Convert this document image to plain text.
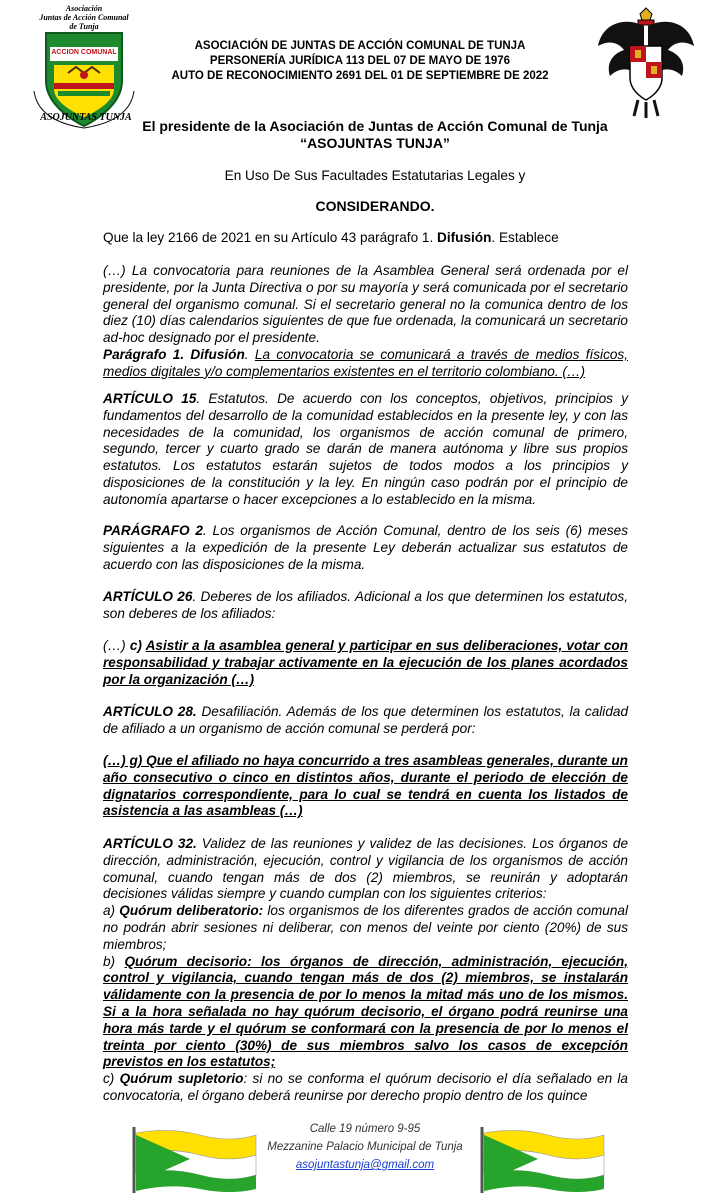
Asociación
Juntas de Acción Comunal
de Tunja
ACCION COMUNAL
ASOJUNTAS TUNJA
ASOCIACIÓN DE JUNTAS DE ACCIÓN COMUNAL DE TUNJA
PERSONERÍA JURÍDICA 113 DEL 07 DE MAYO DE 1976
AUTO DE RECONOCIMIENTO 2691 DEL 01 DE SEPTIEMBRE DE 2022
El presidente de la Asociación de Juntas de Acción Comunal de Tunja
“ASOJUNTAS TUNJA”
En Uso De Sus Facultades Estatutarias Legales y
CONSIDERANDO.
Que la ley 2166 de 2021 en su Artículo 43 parágrafo 1. Difusión. Establece
(…) La convocatoria para reuniones de la Asamblea General será ordenada por el presidente, por la Junta Directiva o por su mayoría y será comunicada por el secretario general del organismo comunal. Si el secretario general no la comunica dentro de los diez (10) días calendarios siguientes de que fue ordenada, la comunicará un secretario ad-hoc designado por el presidente.
Parágrafo 1. Difusión. La convocatoria se comunicará a través de medios físicos, medios digitales y/o complementarios existentes en el territorio colombiano. (…)
ARTÍCULO 15. Estatutos. De acuerdo con los conceptos, objetivos, principios y fundamentos del desarrollo de la comunidad establecidos en la presente ley, y con las necesidades de la comunidad, los organismos de acción comunal de primero, segundo, tercer y cuarto grado se darán de manera autónoma y libre sus propios estatutos. Los estatutos estarán sujetos de todos modos a los principios y disposiciones de la constitución y la ley. En ningún caso podrán por el principio de autonomía apartarse o hacer excepciones a lo establecido en la misma.
PARÁGRAFO 2. Los organismos de Acción Comunal, dentro de los seis (6) meses siguientes a la expedición de la presente Ley deberán actualizar sus estatutos de acuerdo con las disposiciones de la misma.
ARTÍCULO 26. Deberes de los afiliados. Adicional a los que determinen los estatutos, son deberes de los afiliados:
(…) c) Asistir a la asamblea general y participar en sus deliberaciones, votar con responsabilidad y trabajar activamente en la ejecución de los planes acordados por la organización (…)
ARTÍCULO 28. Desafiliación. Además de los que determinen los estatutos, la calidad de afiliado a un organismo de acción comunal se perderá por:
(…) g) Que el afiliado no haya concurrido a tres asambleas generales, durante un año consecutivo o cinco en distintos años, durante el periodo de elección de dignatarios correspondiente, para lo cual se tendrá en cuenta los listados de asistencia a las asambleas (…)
ARTÍCULO 32. Validez de las reuniones y validez de las decisiones. Los órganos de dirección, administración, ejecución, control y vigilancia de los organismos de acción comunal, cuando tengan más de dos (2) miembros, se reunirán y adoptarán decisiones válidas siempre y cuando cumplan con los siguientes criterios:
a) Quórum deliberatorio: los organismos de los diferentes grados de acción comunal no podrán abrir sesiones ni deliberar, con menos del veinte por ciento (20%) de sus miembros;
b) Quórum decisorio: los órganos de dirección, administración, ejecución, control y vigilancia, cuando tengan más de dos (2) miembros, se instalarán válidamente con la presencia de por lo menos la mitad más uno de los mismos. Si a la hora señalada no hay quórum decisorio, el órgano podrá reunirse una hora más tarde y el quórum se conformará con la presencia de por lo menos el treinta por ciento (30%) de sus miembros salvo los casos de excepción previstos en los estatutos;
c) Quórum supletorio: si no se conforma el quórum decisorio el día señalado en la convocatoria, el órgano deberá reunirse por derecho propio dentro de los quince
Calle 19 número 9-95
Mezzanine Palacio Municipal de Tunja
asojuntastunja@gmail.com
